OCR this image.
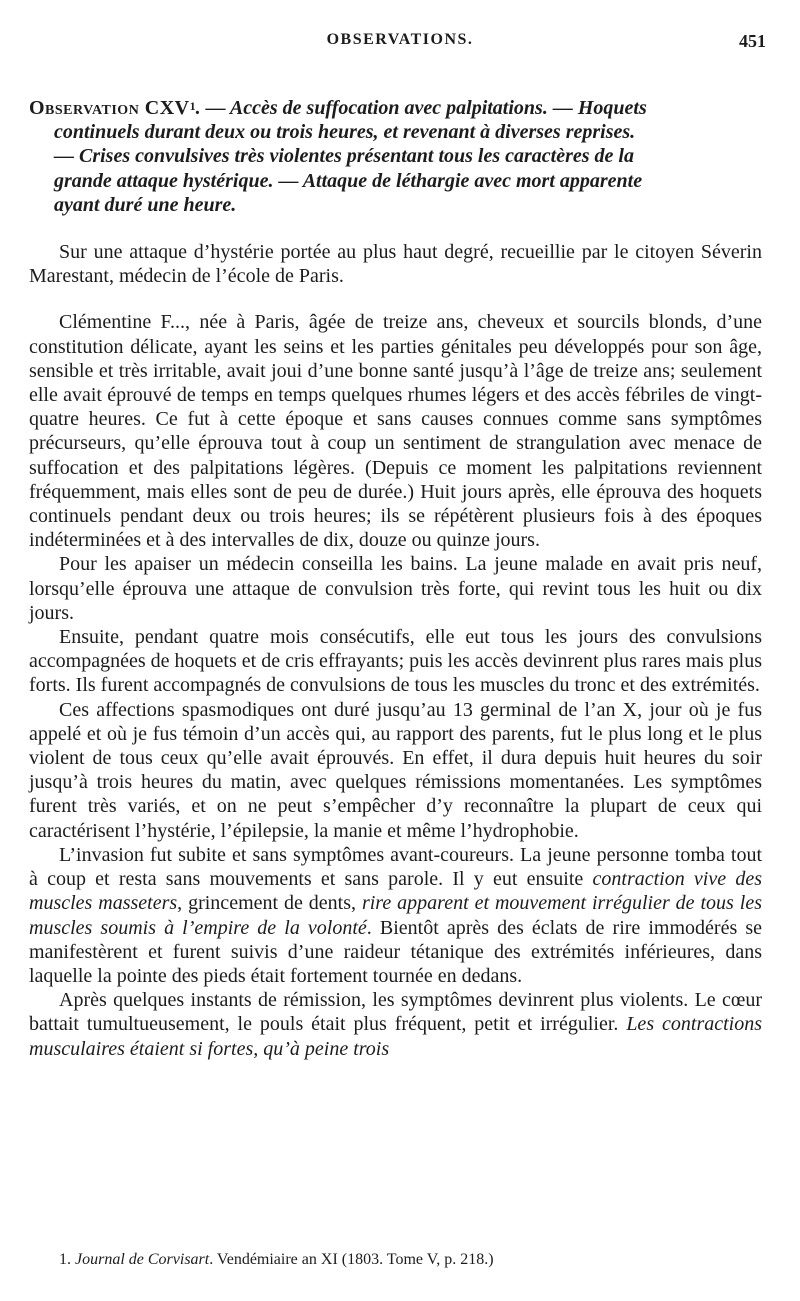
OBSERVATIONS.	451
Observation CXV$^1$. — Accès de suffocation avec palpitations. — Hoquets
continuels durant deux ou trois heures, et revenant à diverses reprises.
— Crises convulsives très violentes présentant tous les caractères de la
grande attaque hystérique. — Attaque de léthargie avec mort apparente
ayant duré une heure.

Sur une attaque d’hystérie portée au plus haut degré, recueillie par le citoyen Séverin Marestant, médecin de l’école de Paris.

Clémentine F..., née à Paris, âgée de treize ans, cheveux et sourcils blonds, d’une constitution délicate, ayant les seins et les parties génitales peu développés pour son âge, sensible et très irritable, avait joui d’une bonne santé jusqu’à l’âge de treize ans; seulement elle avait éprouvé de temps en temps quelques rhumes légers et des accès fébriles de vingt-quatre heures. Ce fut à cette époque et sans causes connues comme sans symptômes précurseurs, qu’elle éprouva tout à coup un sentiment de strangulation avec menace de suffocation et des palpitations légères. (Depuis ce moment les palpitations reviennent fréquemment, mais elles sont de peu de durée.) Huit jours après, elle éprouva des hoquets continuels pendant deux ou trois heures; ils se répétèrent plusieurs fois à des époques indéterminées et à des intervalles de dix, douze ou quinze jours.

Pour les apaiser un médecin conseilla les bains. La jeune malade en avait pris neuf, lorsqu’elle éprouva une attaque de convulsion très forte, qui revint tous les huit ou dix jours.

Ensuite, pendant quatre mois consécutifs, elle eut tous les jours des convulsions accompagnées de hoquets et de cris effrayants; puis les accès devinrent plus rares mais plus forts. Ils furent accompagnés de convulsions de tous les muscles du tronc et des extrémités.

Ces affections spasmodiques ont duré jusqu’au 13 germinal de l’an X, jour où je fus appelé et où je fus témoin d’un accès qui, au rapport des parents, fut le plus long et le plus violent de tous ceux qu’elle avait éprouvés. En effet, il dura depuis huit heures du soir jusqu’à trois heures du matin, avec quelques rémissions momentanées. Les symptômes furent très variés, et on ne peut s’empêcher d’y reconnaître la plupart de ceux qui caractérisent l’hystérie, l’épilepsie, la manie et même l’hydrophobie.

L’invasion fut subite et sans symptômes avant-coureurs. La jeune personne tomba tout à coup et resta sans mouvements et sans parole. Il y eut ensuite contraction vive des muscles masseters, grincement de dents, rire apparent et mouvement irrégulier de tous les muscles soumis à l’empire de la volonté. Bientôt après des éclats de rire immodérés se manifestèrent et furent suivis d’une raideur tétanique des extrémités inférieures, dans laquelle la pointe des pieds était fortement tournée en dedans.

Après quelques instants de rémission, les symptômes devinrent plus violents. Le cœur battait tumultueusement, le pouls était plus fréquent, petit et irrégulier. Les contractions musculaires étaient si fortes, qu’à peine trois

1. Journal de Corvisart. Vendémiaire an XI (1803. Tome V, p. 218.)
